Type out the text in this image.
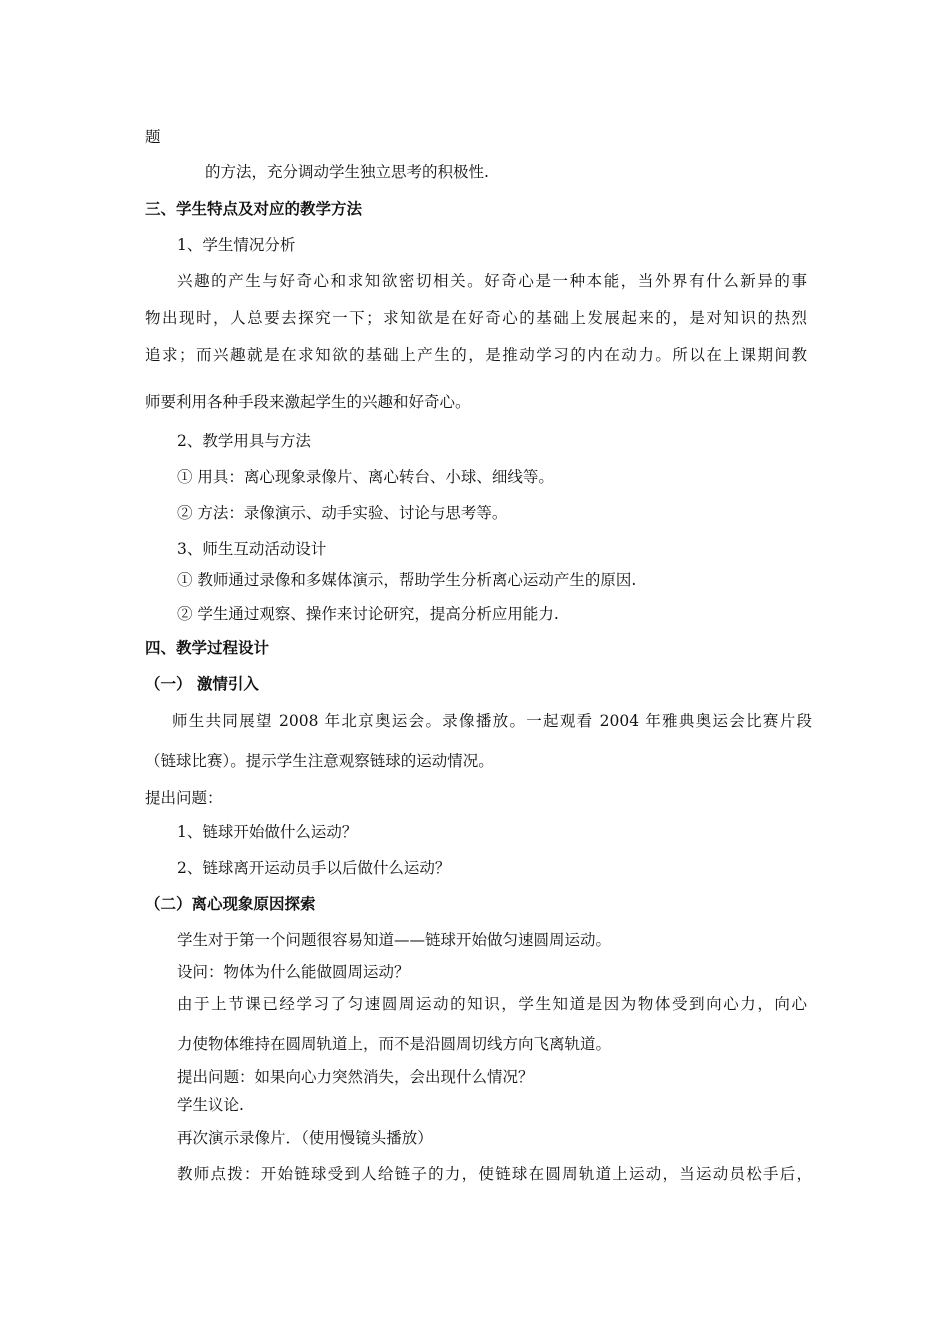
题
的方法，充分调动学生独立思考的积极性.
三、学生特点及对应的教学方法
1、学生情况分析
兴趣的产生与好奇心和求知欲密切相关。好奇心是一种本能，当外界有什么新异的事
物出现时，人总要去探究一下；求知欲是在好奇心的基础上发展起来的，是对知识的热烈
追求；而兴趣就是在求知欲的基础上产生的，是推动学习的内在动力。所以在上课期间教
师要利用各种手段来激起学生的兴趣和好奇心。
2、教学用具与方法
① 用具：离心现象录像片、离心转台、小球、细线等。
② 方法：录像演示、动手实验、讨论与思考等。
3、师生互动活动设计
① 教师通过录像和多媒体演示，帮助学生分析离心运动产生的原因.
② 学生通过观察、操作来讨论研究，提高分析应用能力.
四、教学过程设计
（一） 激情引入
师生共同展望 2008 年北京奥运会。录像播放。一起观看 2004 年雅典奥运会比赛片段
（链球比赛）。提示学生注意观察链球的运动情况。
提出问题：
1、链球开始做什么运动？
2、链球离开运动员手以后做什么运动？
（二）离心现象原因探索
学生对于第一个问题很容易知道——链球开始做匀速圆周运动。
设问：物体为什么能做圆周运动？
由于上节课已经学习了匀速圆周运动的知识，学生知道是因为物体受到向心力，向心
力使物体维持在圆周轨道上，而不是沿圆周切线方向飞离轨道。
提出问题：如果向心力突然消失，会出现什么情况？
学生议论.
再次演示录像片．（使用慢镜头播放）
教师点拨：开始链球受到人给链子的力，使链球在圆周轨道上运动，当运动员松手后，
